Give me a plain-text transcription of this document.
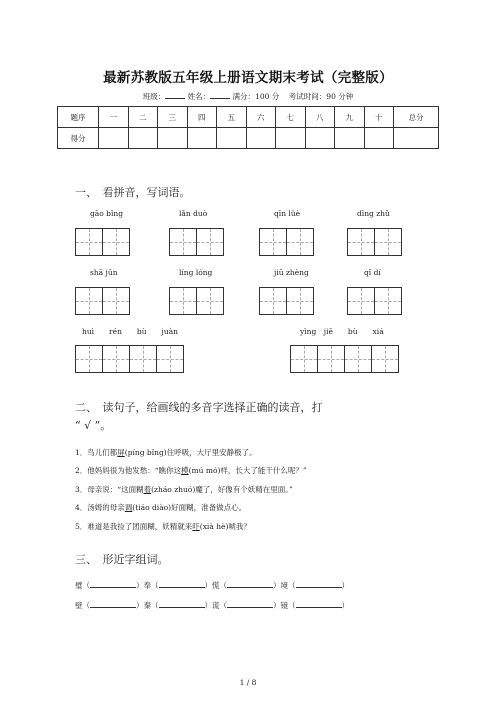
最新苏教版五年级上册语文期末考试（完整版）
班级：	姓名：	满分：100 分 考试时间：90 分钟
题序	一	二	三	四	五	六	七	八	九	十	总分
得分											
一、　看拼音，写词语。
gāo bǐng	lǎn duò	qīn lüè	dīng zhǔ
shā jūn	líng lóng	jiū zhèng	qǐ dí
huì　　rén　　bù　　juàn	yìng　jiē　　bù　　xiá
二、　读句子，给画线的多音字选择正确的读音，打
“ √ ”。
1．鸟儿们都屏(píng bǐng)住呼吸，大厅里安静极了。
2．他妈妈很为他发愁：“瞧你这模(mú mó)样，长大了能干什么呢？”
3．母亲说：“这面糊着(zháo zhuó)魔了，好像有个妖精在里面。”
4．汤姆的母亲调(tiáo diào)好面糊，准备做点心。
5．难道是我捡了团面糊，妖精就来吓(xià hè)唬我？
三、　形近字组词。
璧（	）奉（	）慌（	）境（	）
壁（	）秦（	）谎（	）镜（	）
1 / 8
